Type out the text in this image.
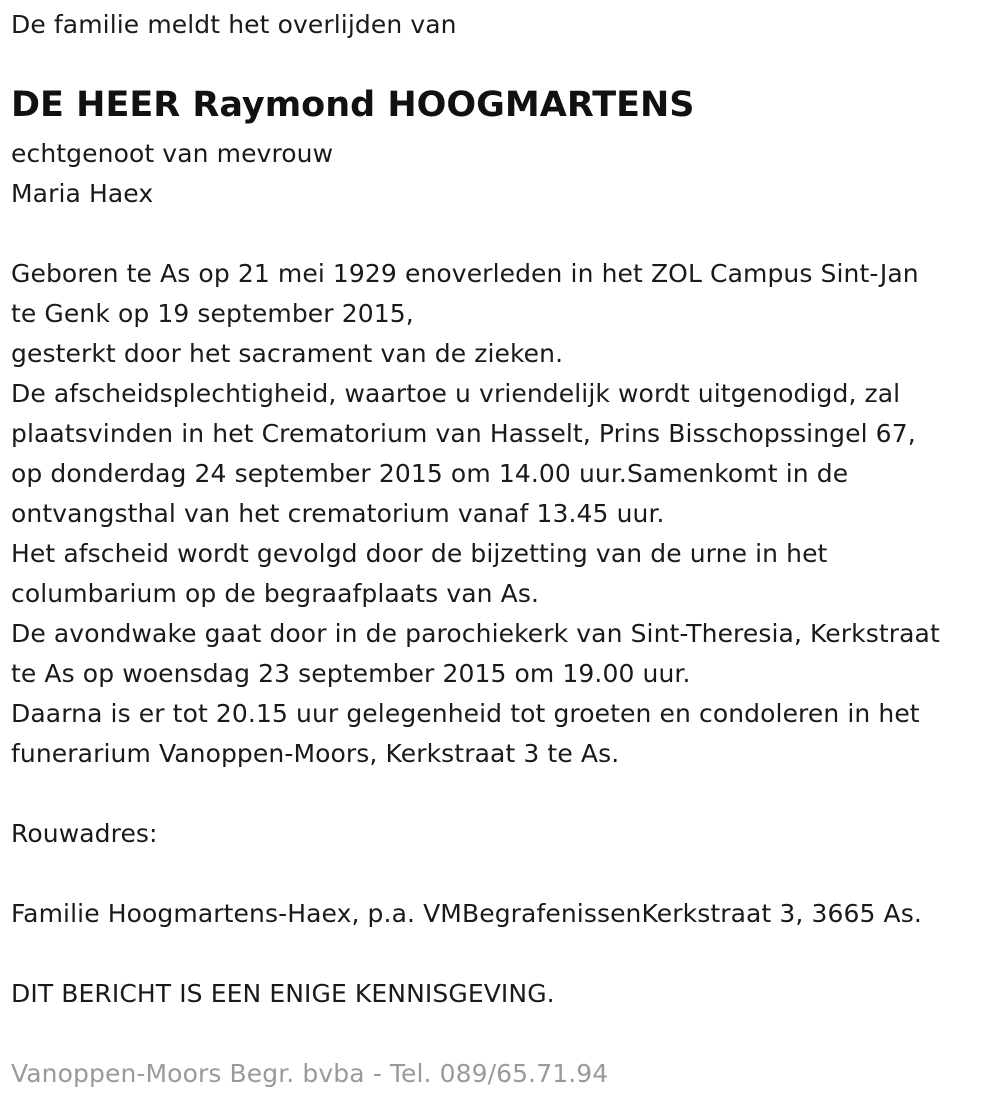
De familie meldt het overlijden van
DE HEER Raymond HOOGMARTENS
echtgenoot van mevrouw
Maria Haex
Geboren te As op 21 mei 1929 enoverleden in het ZOL Campus Sint-Jan
te Genk op 19 september 2015,
gesterkt door het sacrament van de zieken.
De afscheidsplechtigheid, waartoe u vriendelijk wordt uitgenodigd, zal
plaatsvinden in het Crematorium van Hasselt, Prins Bisschopssingel 67,
op donderdag 24 september 2015 om 14.00 uur.Samenkomt in de
ontvangsthal van het crematorium vanaf 13.45 uur.
Het afscheid wordt gevolgd door de bijzetting van de urne in het
columbarium op de begraafplaats van As.
De avondwake gaat door in de parochiekerk van Sint-Theresia, Kerkstraat
te As op woensdag 23 september 2015 om 19.00 uur.
Daarna is er tot 20.15 uur gelegenheid tot groeten en condoleren in het
funerarium Vanoppen-Moors, Kerkstraat 3 te As.
Rouwadres:
Familie Hoogmartens-Haex, p.a. VMBegrafenissenKerkstraat 3, 3665 As.
DIT BERICHT IS EEN ENIGE KENNISGEVING.
Vanoppen-Moors Begr. bvba - Tel. 089/65.71.94
